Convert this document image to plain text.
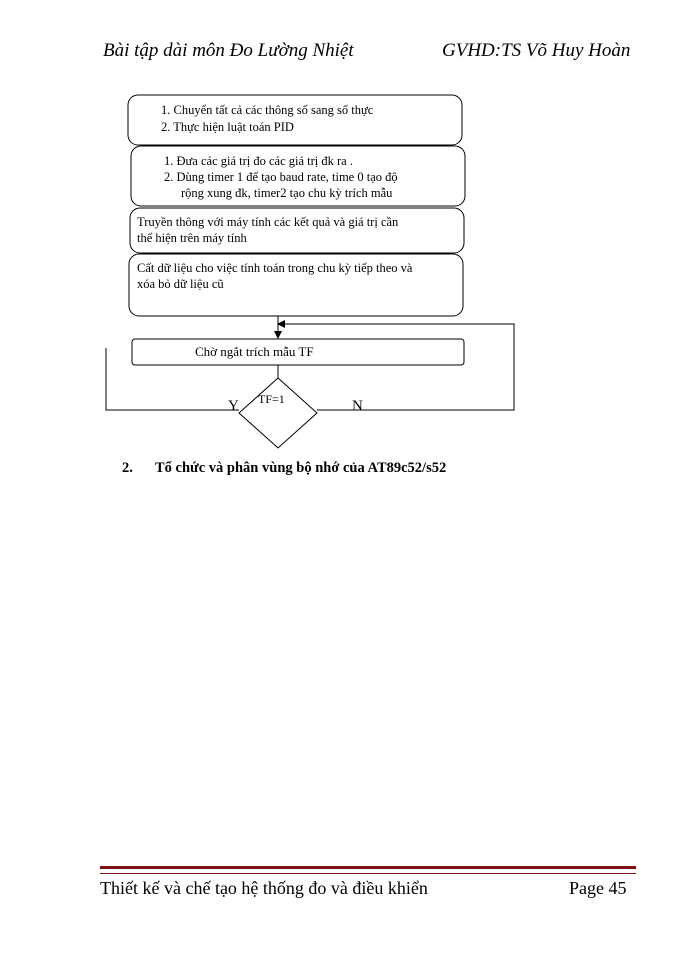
Bài tập dài môn Đo Lường Nhiệt	GVHD:TS Võ Huy Hoàn
1. Chuyển tất cả các thông số sang số thực
2. Thực hiện luật toán PID
1. Đưa các giá trị đo các giá trị đk ra .
2. Dùng timer 1 để tạo baud rate, time 0 tạo độ
rộng xung đk, timer2 tạo chu kỳ trích mẫu
Truyền thông với máy tính các kết quả và giá trị cần
thể hiện trên máy tính
Cất dữ liệu cho việc tính toán trong chu kỳ tiếp theo và
xóa bỏ dữ liệu cũ
Chờ ngắt trích mẫu TF
TF=1
Y	N
2. Tổ chức và phân vùng bộ nhớ của AT89c52/s52
Thiết kế và chế tạo hệ thống đo và điều khiển	Page 45
